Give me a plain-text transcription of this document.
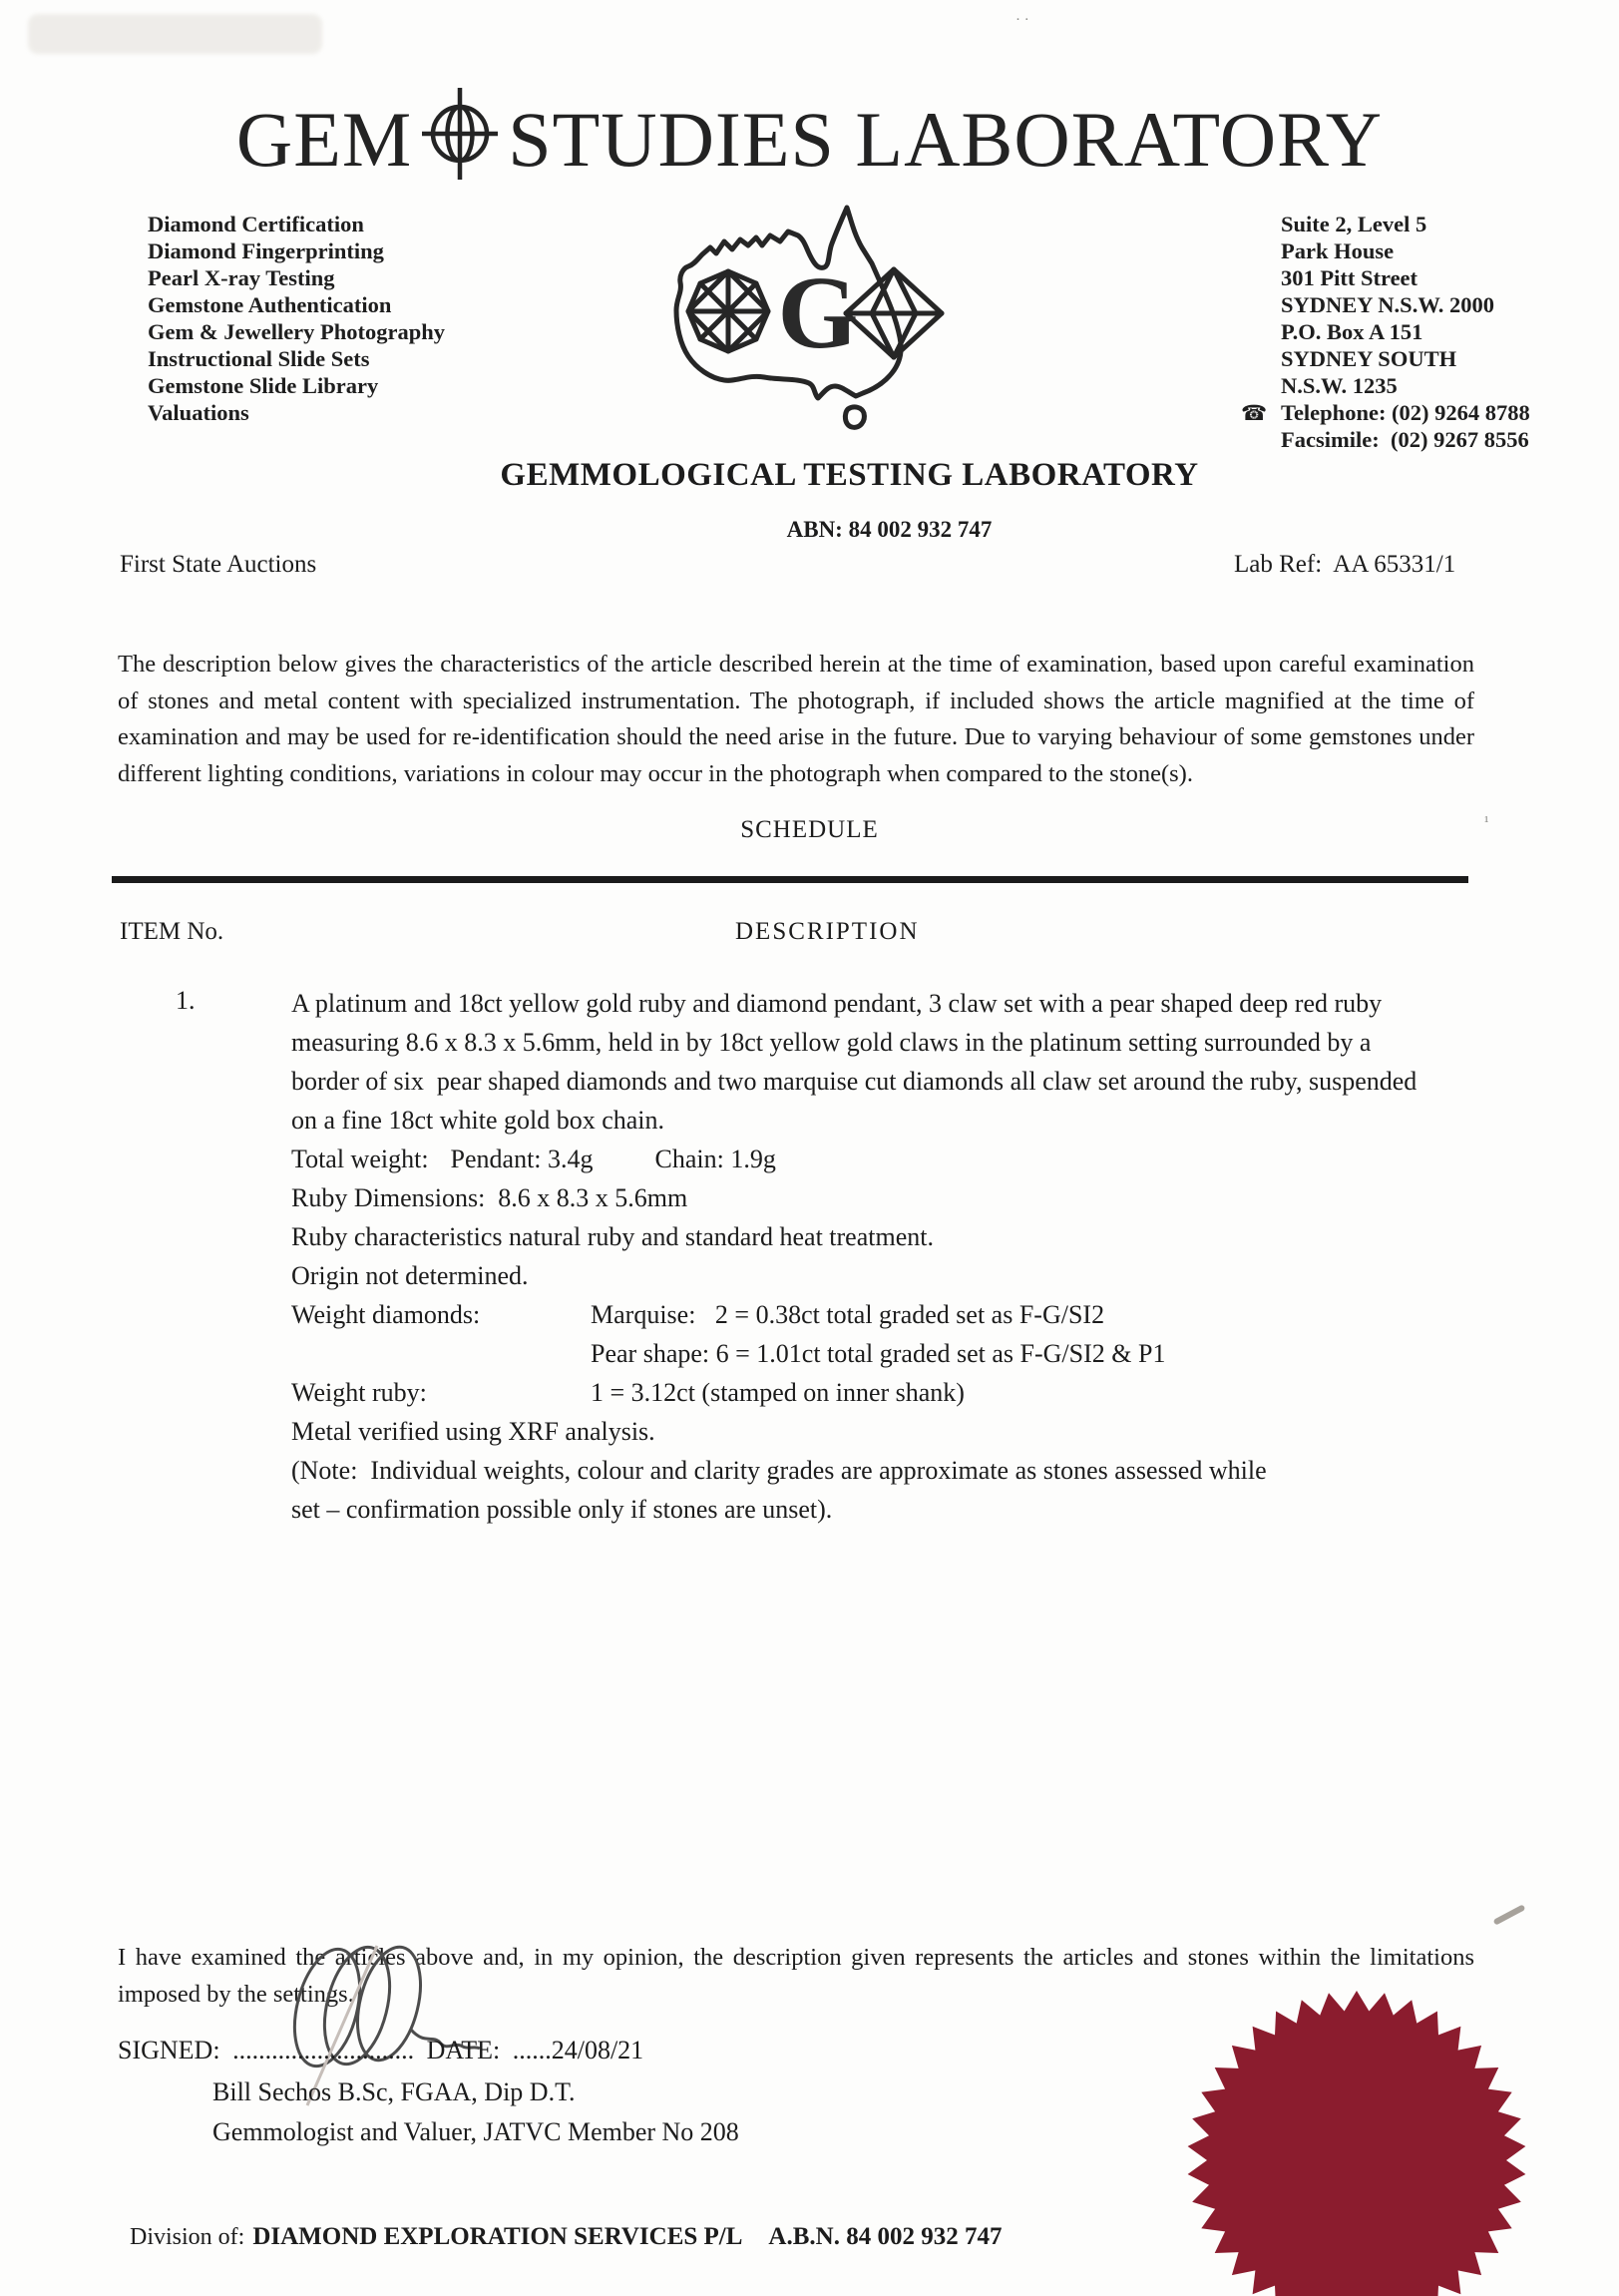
· ·
¹
GEM STUDIES LABORATORY
Diamond Certification
Diamond Fingerprinting
Pearl X-ray Testing
Gemstone Authentication
Gem & Jewellery Photography
Instructional Slide Sets
Gemstone Slide Library
Valuations
G
Suite 2, Level 5
Park House
301 Pitt Street
SYDNEY N.S.W. 2000
P.O. Box A 151
SYDNEY SOUTH
N.S.W. 1235
☎ Telephone: (02) 9264 8788
Facsimile:  (02) 9267 8556
GEMMOLOGICAL TESTING LABORATORY
ABN: 84 002 932 747
First State Auctions	Lab Ref:  AA 65331/1
The description below gives the characteristics of the article described herein at the time of examination, based upon careful examination of stones and metal content with specialized instrumentation. The photograph, if included shows the article magnified at the time of examination and may be used for re-identification should the need arise in the future. Due to varying behaviour of some gemstones under different lighting conditions, variations in colour may occur in the photograph when compared to the stone(s).
SCHEDULE
ITEM No.	DESCRIPTION
1.	A platinum and 18ct yellow gold ruby and diamond pendant, 3 claw set with a pear shaped deep red ruby measuring 8.6 x 8.3 x 5.6mm, held in by 18ct yellow gold claws in the platinum setting surrounded by a border of six  pear shaped diamonds and two marquise cut diamonds all claw set around the ruby, suspended on a fine 18ct white gold box chain.

Total weight: Pendant: 3.4g Chain: 1.9g
Ruby Dimensions:  8.6 x 8.3 x 5.6mm
Ruby characteristics natural ruby and standard heat treatment.
Origin not determined.
Weight diamonds:	Marquise:   2 = 0.38ct total graded set as F-G/SI2
Pear shape: 6 = 1.01ct total graded set as F-G/SI2 & P1
Weight ruby:	1 = 3.12ct (stamped on inner shank)
Metal verified using XRF analysis.

(Note:  Individual weights, colour and clarity grades are approximate as stones assessed while set – confirmation possible only if stones are unset).

I have examined the articles above and, in my opinion, the description given represents the articles and stones within the limitations imposed by the settings.
SIGNED: ............................ DATE: ......24/08/21
Bill Sechos B.Sc, FGAA, Dip D.T.
Gemmologist and Valuer, JATVC Member No 208
Division of: DIAMOND EXPLORATION SERVICES P/L A.B.N. 84 002 932 747
